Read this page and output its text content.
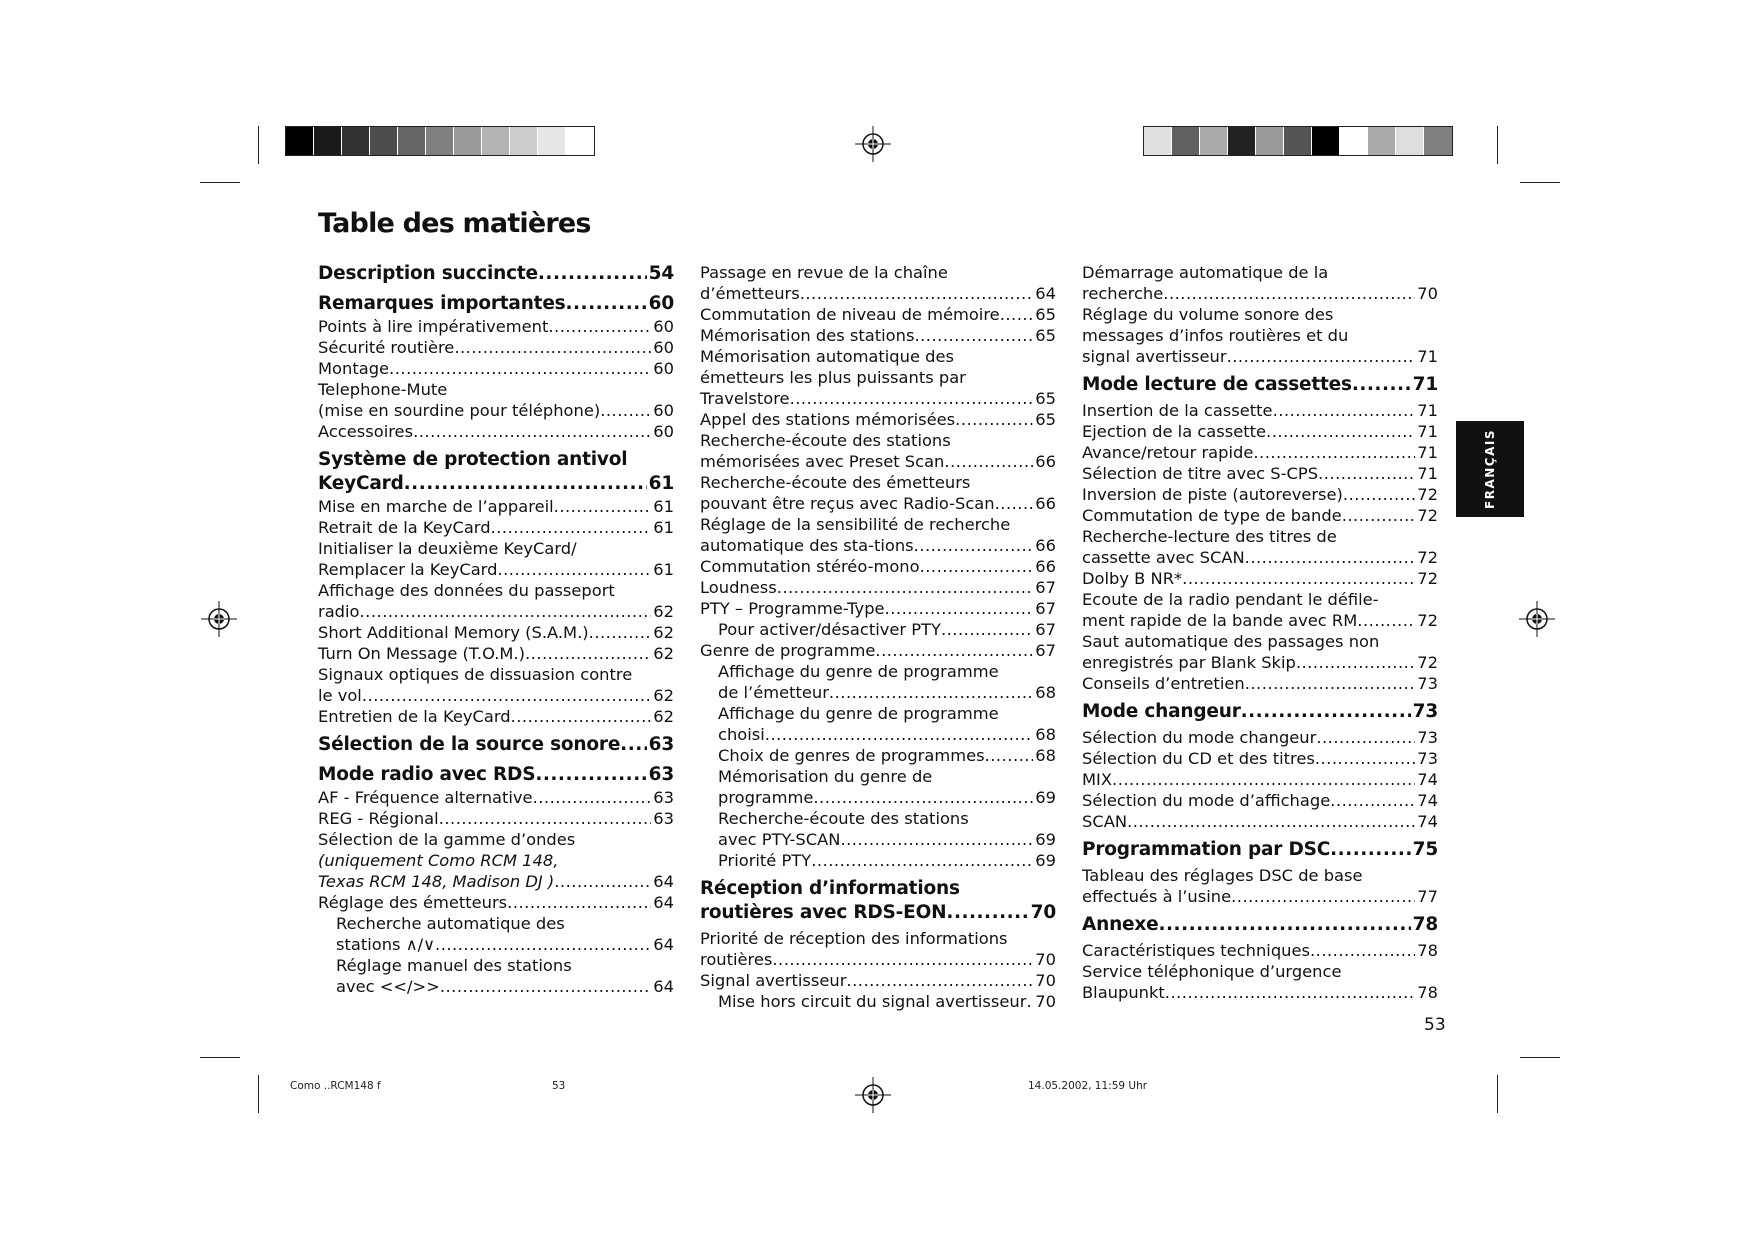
Table des matières
Description succincte .....	54
Remarques importantes .....	60
Points à lire impérativement .....	60
Sécurité routière .....	60
Montage .....	60
Telephone-Mute
(mise en sourdine pour téléphone) .....	60
Accessoires .....	60
Système de protection antivol
KeyCard .....	61
Mise en marche de l’appareil .....	61
Retrait de la KeyCard .....	61
Initialiser la deuxième KeyCard/
Remplacer la KeyCard .....	61
Affichage des données du passeport
radio .....	62
Short Additional Memory (S.A.M.) .....	62
Turn On Message (T.O.M.) .....	62
Signaux optiques de dissuasion contre
le vol .....	62
Entretien de la KeyCard .....	62
Sélection de la source sonore ..... 63
Mode radio avec RDS .....	63
AF - Fréquence alternative .....	63
REG - Régional .....	63
Sélection de la gamme d’ondes
(uniquement Como RCM 148,
Texas RCM 148, Madison DJ ) .....	64
Réglage des émetteurs .....	64
Recherche automatique des
stations ∧/∨ .....	64
Réglage manuel des stations
avec <</>> .....	64
Passage en revue de la chaîne
d’émetteurs .....	64
Commutation de niveau de mémoire ..... 65
Mémorisation des stations .....	65
Mémorisation automatique des
émetteurs les plus puissants par
Travelstore .....	65
Appel des stations mémorisées .....	65
Recherche-écoute des stations
mémorisées avec Preset Scan .....	66
Recherche-écoute des émetteurs
pouvant être reçus avec Radio-Scan ..... 66
Réglage de la sensibilité de recherche
automatique des sta-tions .....	66
Commutation stéréo-mono .....	66
Loudness .....	67
PTY – Programme-Type .....	67
Pour activer/désactiver PTY .....	67
Genre de programme .....	67
Affichage du genre de programme
de l’émetteur .....	68
Affichage du genre de programme
choisi .....	68
Choix de genres de programmes .....	68
Mémorisation du genre de
programme .....	69
Recherche-écoute des stations
avec PTY-SCAN .....	69
Priorité PTY .....	69
Réception d’informations
routières avec RDS-EON .....	70
Priorité de réception des informations
routières .....	70
Signal avertisseur .....	70
Mise hors circuit du signal avertisseur ..... 70
Démarrage automatique de la
recherche .....	70
Réglage du volume sonore des
messages d’infos routières et du
signal avertisseur .....	71
Mode lecture de cassettes .....	71
Insertion de la cassette .....	71
Ejection de la cassette .....	71
Avance/retour rapide .....	71
Sélection de titre avec S-CPS .....	71
Inversion de piste (autoreverse) .....	72
Commutation de type de bande .....	72
Recherche-lecture des titres de
cassette avec SCAN .....	72
Dolby B NR* .....	72
Ecoute de la radio pendant le défile-
ment rapide de la bande avec RM .....	72
Saut automatique des passages non
enregistrés par Blank Skip .....	72
Conseils d’entretien .....	73
Mode changeur .....	73
Sélection du mode changeur .....	73
Sélection du CD et des titres .....	73
MIX .....	74
Sélection du mode d’affichage .....	74
SCAN .....	74
Programmation par DSC .....	75
Tableau des réglages DSC de base
effectués à l’usine .....	77
Annexe .....	78
Caractéristiques techniques .....	78
Service téléphonique d’urgence
Blaupunkt .....	78
FRANÇAIS
53
Como ..RCM148 f	53	14.05.2002, 11:59 Uhr
